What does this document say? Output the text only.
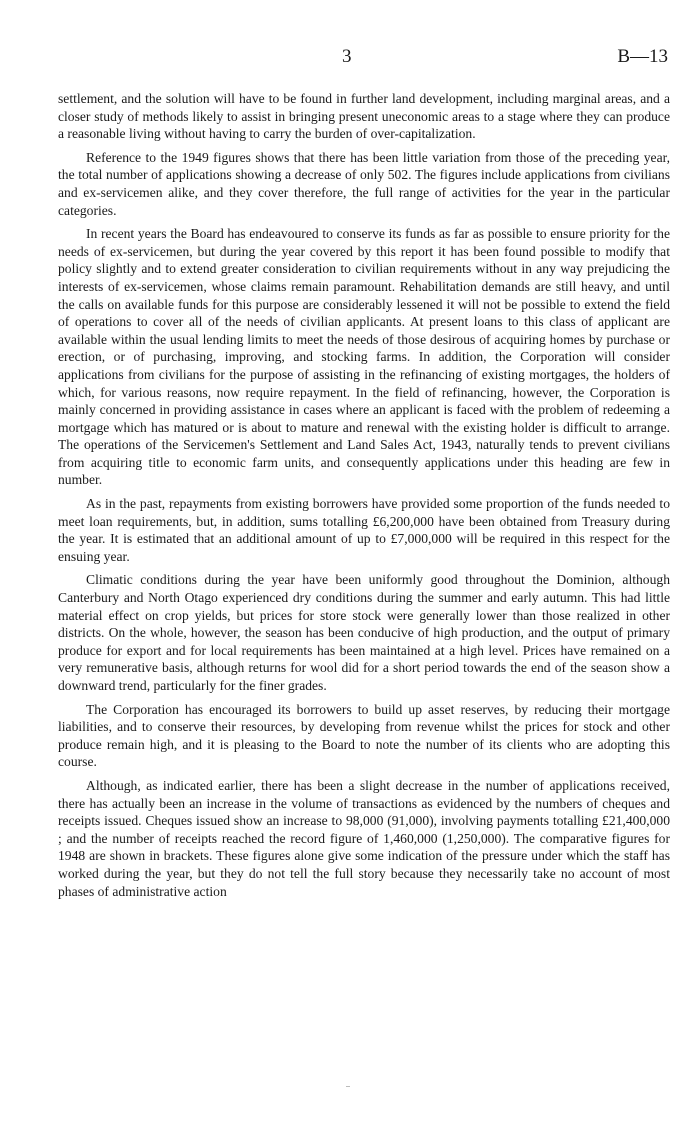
3	B—13

settlement, and the solution will have to be found in further land development, including marginal areas, and a closer study of methods likely to assist in bringing present uneconomic areas to a stage where they can produce a reasonable living without having to carry the burden of over-capitalization.

Reference to the 1949 figures shows that there has been little variation from those of the preceding year, the total number of applications showing a decrease of only 502. The figures include applications from civilians and ex-servicemen alike, and they cover therefore, the full range of activities for the year in the particular categories.

In recent years the Board has endeavoured to conserve its funds as far as possible to ensure priority for the needs of ex-servicemen, but during the year covered by this report it has been found possible to modify that policy slightly and to extend greater consideration to civilian requirements without in any way prejudicing the interests of ex-servicemen, whose claims remain paramount. Rehabilitation demands are still heavy, and until the calls on available funds for this purpose are considerably lessened it will not be possible to extend the field of operations to cover all of the needs of civilian applicants. At present loans to this class of applicant are available within the usual lending limits to meet the needs of those desirous of acquiring homes by purchase or erection, or of purchasing, improving, and stocking farms. In addition, the Corporation will consider applications from civilians for the purpose of assisting in the refinancing of existing mortgages, the holders of which, for various reasons, now require repayment. In the field of refinancing, however, the Corporation is mainly concerned in providing assistance in cases where an applicant is faced with the problem of redeeming a mortgage which has matured or is about to mature and renewal with the existing holder is difficult to arrange. The operations of the Servicemen's Settlement and Land Sales Act, 1943, naturally tends to prevent civilians from acquiring title to economic farm units, and consequently applications under this heading are few in number.

As in the past, repayments from existing borrowers have provided some proportion of the funds needed to meet loan requirements, but, in addition, sums totalling £6,200,000 have been obtained from Treasury during the year. It is estimated that an additional amount of up to £7,000,000 will be required in this respect for the ensuing year.

Climatic conditions during the year have been uniformly good throughout the Dominion, although Canterbury and North Otago experienced dry conditions during the summer and early autumn. This had little material effect on crop yields, but prices for store stock were generally lower than those realized in other districts. On the whole, however, the season has been conducive of high production, and the output of primary produce for export and for local requirements has been maintained at a high level. Prices have remained on a very remunerative basis, although returns for wool did for a short period towards the end of the season show a downward trend, particularly for the finer grades.

The Corporation has encouraged its borrowers to build up asset reserves, by reducing their mortgage liabilities, and to conserve their resources, by developing from revenue whilst the prices for stock and other produce remain high, and it is pleasing to the Board to note the number of its clients who are adopting this course.

Although, as indicated earlier, there has been a slight decrease in the number of applications received, there has actually been an increase in the volume of transactions as evidenced by the numbers of cheques and receipts issued. Cheques issued show an increase to 98,000 (91,000), involving payments totalling £21,400,000 ; and the number of receipts reached the record figure of 1,460,000 (1,250,000). The comparative figures for 1948 are shown in brackets. These figures alone give some indication of the pressure under which the staff has worked during the year, but they do not tell the full story because they necessarily take no account of most phases of administrative action
